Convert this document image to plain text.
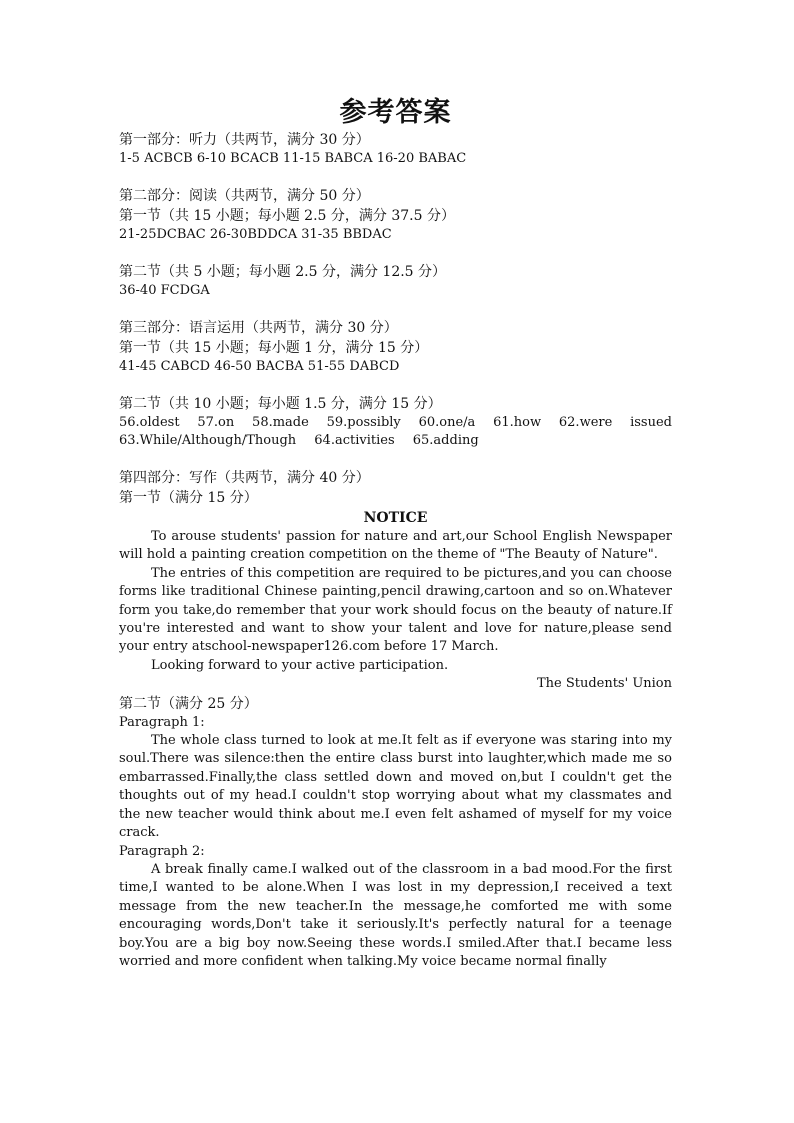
参考答案
第一部分：听力（共两节，满分 30 分）
1-5 ACBCB 6-10 BCACB 11-15 BABCA 16-20 BABAC
第二部分：阅读（共两节，满分 50 分）
第一节（共 15 小题；每小题 2.5 分，满分 37.5 分）
21-25DCBAC 26-30BDDCA 31-35 BBDAC
第二节（共 5 小题；每小题 2.5 分，满分 12.5 分）
36-40 FCDGA
第三部分：语言运用（共两节，满分 30 分）
第一节（共 15 小题；每小题 1 分，满分 15 分）
41-45 CABCD 46-50 BACBA 51-55 DABCD
第二节（共 10 小题；每小题 1.5 分，满分 15 分）
56.oldest 57.on 58.made 59.possibly 60.one/a 61.how 62.were issued
63.While/Although/Though 64.activities 65.adding
第四部分：写作（共两节，满分 40 分）
第一节（满分 15 分）
NOTICE

To arouse students' passion for nature and art,our School English Newspaper will hold a painting creation competition on the theme of "The Beauty of Nature".

The entries of this competition are required to be pictures,and you can choose forms like traditional Chinese painting,pencil drawing,cartoon and so on.Whatever form you take,do remember that your work should focus on the beauty of nature.If you're interested and want to show your talent and love for nature,please send your entry atschool-newspaper126.com before 17 March.

Looking forward to your active participation.

The Students' Union

第二节（满分 25 分）

Paragraph 1:

The whole class turned to look at me.It felt as if everyone was staring into my soul.There was silence:then the entire class burst into laughter,which made me so embarrassed.Finally,the class settled down and moved on,but I couldn't get the thoughts out of my head.I couldn't stop worrying about what my classmates and the new teacher would think about me.I even felt ashamed of myself for my voice crack.

Paragraph 2:

A break finally came.I walked out of the classroom in a bad mood.For the first time,I wanted to be alone.When I was lost in my depression,I received a text message from the new teacher.In the message,he comforted me with some encouraging words,Don't take it seriously.It's perfectly natural for a teenage boy.You are a big boy now.Seeing these words.I smiled.After that.I became less worried and more confident when talking.My voice became normal finally
